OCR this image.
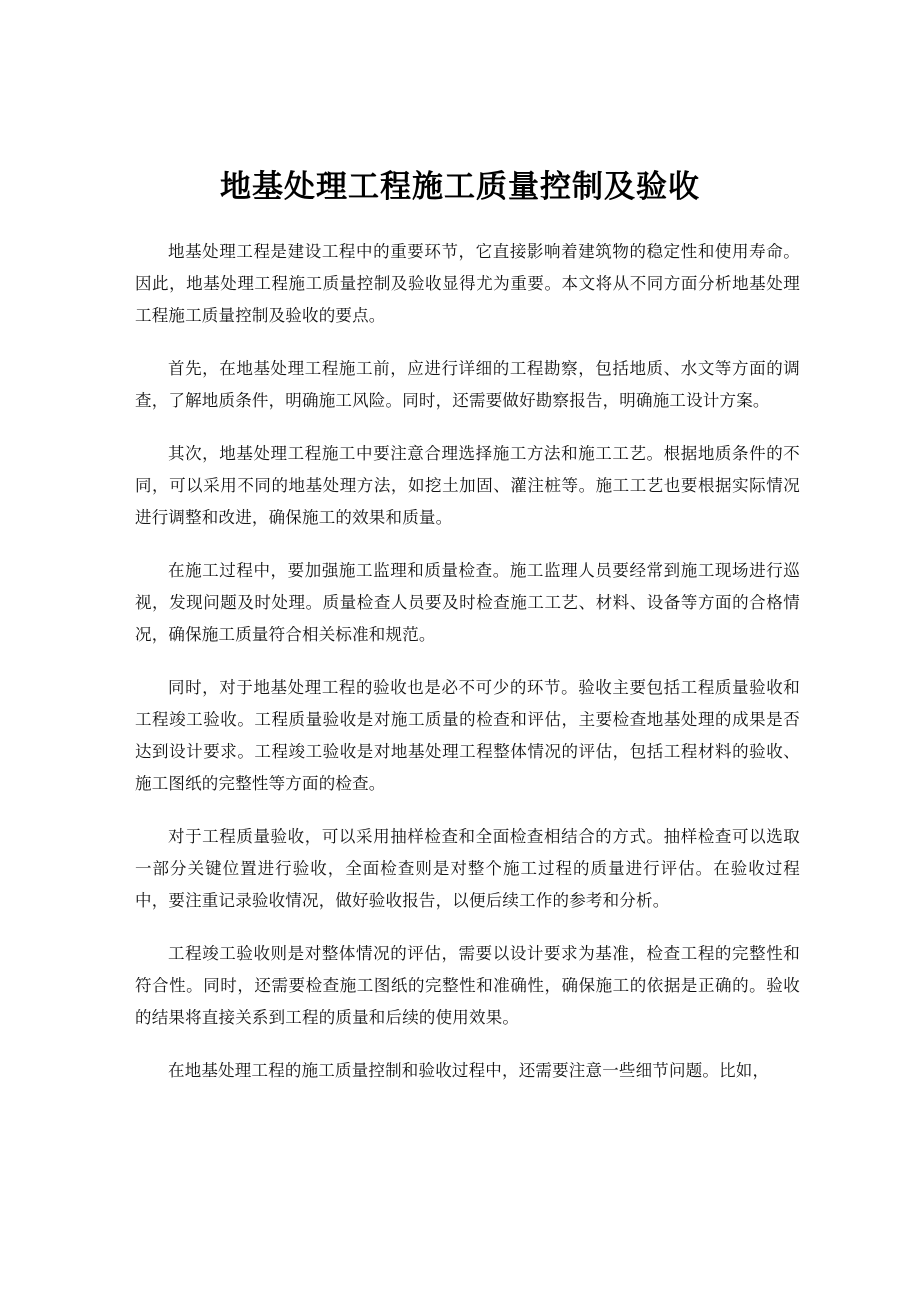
地基处理工程施工质量控制及验收

地基处理工程是建设工程中的重要环节，它直接影响着建筑物的稳定性和使用寿命。因此，地基处理工程施工质量控制及验收显得尤为重要。本文将从不同方面分析地基处理工程施工质量控制及验收的要点。

首先，在地基处理工程施工前，应进行详细的工程勘察，包括地质、水文等方面的调查，了解地质条件，明确施工风险。同时，还需要做好勘察报告，明确施工设计方案。

其次，地基处理工程施工中要注意合理选择施工方法和施工工艺。根据地质条件的不同，可以采用不同的地基处理方法，如挖土加固、灌注桩等。施工工艺也要根据实际情况进行调整和改进，确保施工的效果和质量。

在施工过程中，要加强施工监理和质量检查。施工监理人员要经常到施工现场进行巡视，发现问题及时处理。质量检查人员要及时检查施工工艺、材料、设备等方面的合格情况，确保施工质量符合相关标准和规范。

同时，对于地基处理工程的验收也是必不可少的环节。验收主要包括工程质量验收和工程竣工验收。工程质量验收是对施工质量的检查和评估，主要检查地基处理的成果是否达到设计要求。工程竣工验收是对地基处理工程整体情况的评估，包括工程材料的验收、施工图纸的完整性等方面的检查。

对于工程质量验收，可以采用抽样检查和全面检查相结合的方式。抽样检查可以选取一部分关键位置进行验收，全面检查则是对整个施工过程的质量进行评估。在验收过程中，要注重记录验收情况，做好验收报告，以便后续工作的参考和分析。

工程竣工验收则是对整体情况的评估，需要以设计要求为基准，检查工程的完整性和符合性。同时，还需要检查施工图纸的完整性和准确性，确保施工的依据是正确的。验收的结果将直接关系到工程的质量和后续的使用效果。

在地基处理工程的施工质量控制和验收过程中，还需要注意一些细节问题。比如，
